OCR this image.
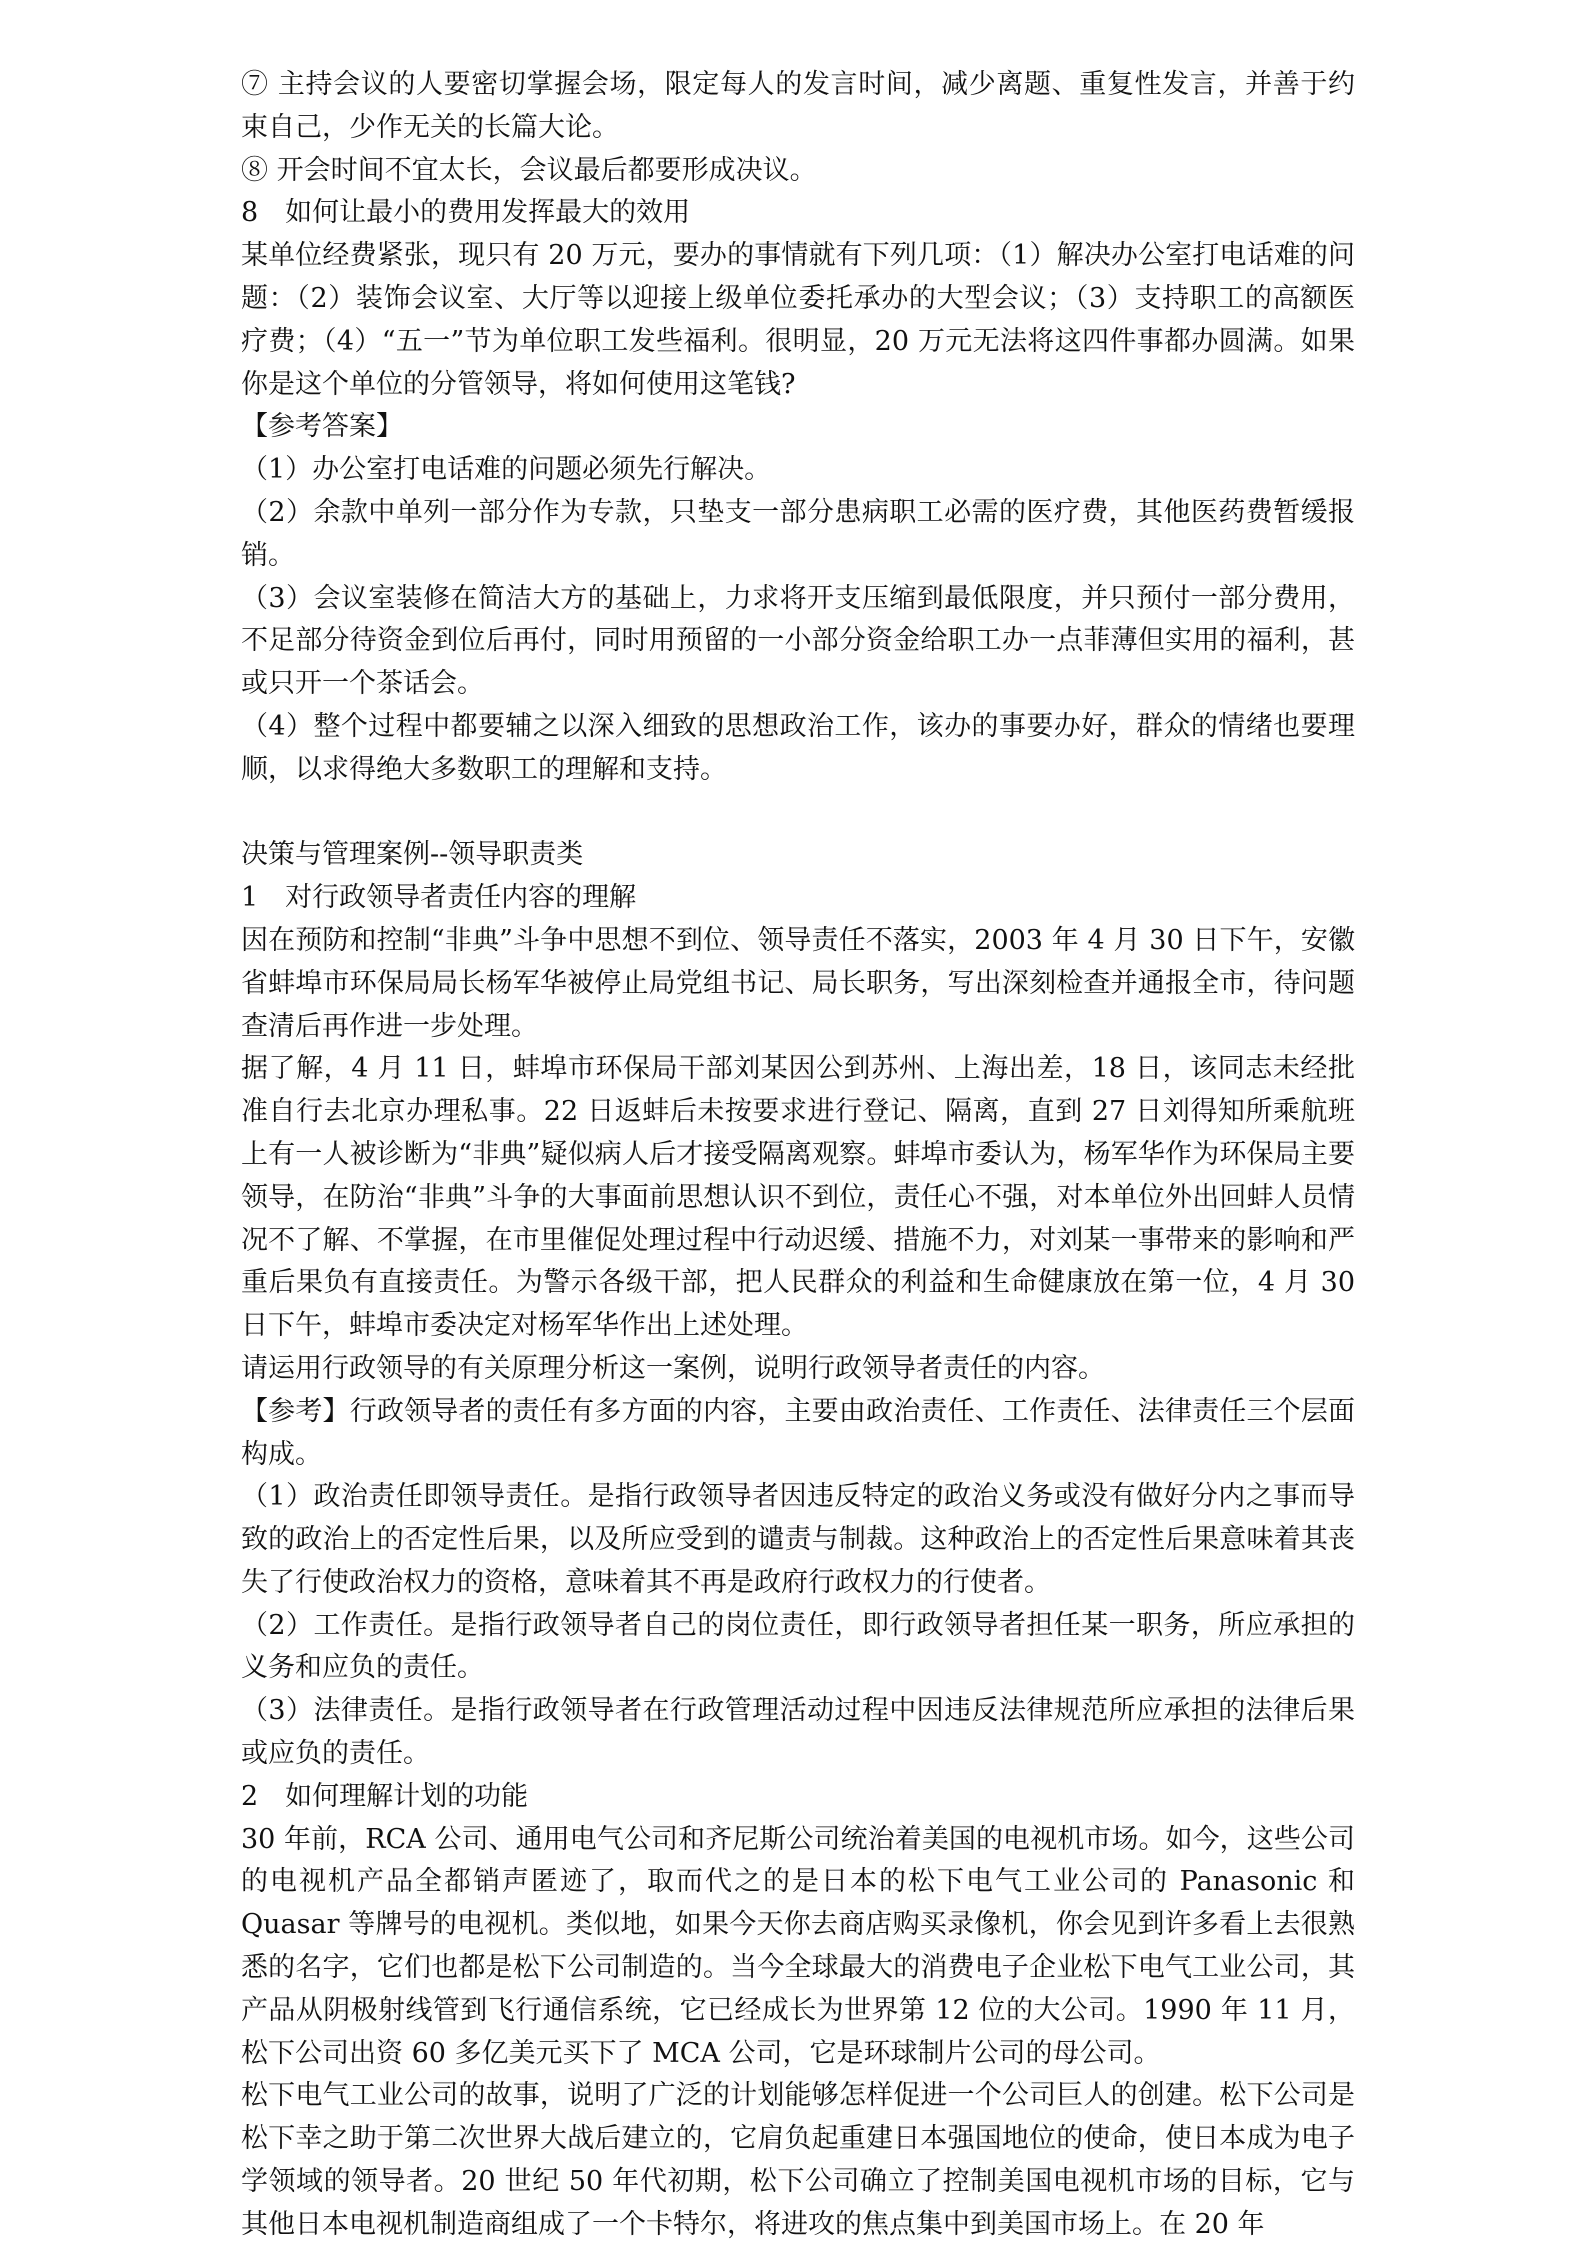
⑦ 主持会议的人要密切掌握会场，限定每人的发言时间，减少离题、重复性发言，并善于约束自己，少作无关的长篇大论。

⑧ 开会时间不宜太长，会议最后都要形成决议。

8　如何让最小的费用发挥最大的效用

某单位经费紧张，现只有 20 万元，要办的事情就有下列几项：（1）解决办公室打电话难的问题：（2）装饰会议室、大厅等以迎接上级单位委托承办的大型会议；（3）支持职工的高额医疗费；（4）“五一”节为单位职工发些福利。很明显，20 万元无法将这四件事都办圆满。如果你是这个单位的分管领导，将如何使用这笔钱?

【参考答案】

（1）办公室打电话难的问题必须先行解决。

（2）余款中单列一部分作为专款，只垫支一部分患病职工必需的医疗费，其他医药费暂缓报销。

（3）会议室装修在简洁大方的基础上，力求将开支压缩到最低限度，并只预付一部分费用，不足部分待资金到位后再付，同时用预留的一小部分资金给职工办一点菲薄但实用的福利，甚或只开一个茶话会。

（4）整个过程中都要辅之以深入细致的思想政治工作，该办的事要办好，群众的情绪也要理顺，以求得绝大多数职工的理解和支持。

决策与管理案例--领导职责类

1　对行政领导者责任内容的理解

因在预防和控制“非典”斗争中思想不到位、领导责任不落实，2003 年 4 月 30 日下午，安徽省蚌埠市环保局局长杨军华被停止局党组书记、局长职务，写出深刻检查并通报全市，待问题查清后再作进一步处理。

据了解，4 月 11 日，蚌埠市环保局干部刘某因公到苏州、上海出差，18 日，该同志未经批准自行去北京办理私事。22 日返蚌后未按要求进行登记、隔离，直到 27 日刘得知所乘航班上有一人被诊断为“非典”疑似病人后才接受隔离观察。蚌埠市委认为，杨军华作为环保局主要领导，在防治“非典”斗争的大事面前思想认识不到位，责任心不强，对本单位外出回蚌人员情况不了解、不掌握，在市里催促处理过程中行动迟缓、措施不力，对刘某一事带来的影响和严重后果负有直接责任。为警示各级干部，把人民群众的利益和生命健康放在第一位，4 月 30 日下午，蚌埠市委决定对杨军华作出上述处理。

请运用行政领导的有关原理分析这一案例，说明行政领导者责任的内容。

【参考】行政领导者的责任有多方面的内容，主要由政治责任、工作责任、法律责任三个层面构成。

（1）政治责任即领导责任。是指行政领导者因违反特定的政治义务或没有做好分内之事而导致的政治上的否定性后果，以及所应受到的谴责与制裁。这种政治上的否定性后果意味着其丧失了行使政治权力的资格，意味着其不再是政府行政权力的行使者。

（2）工作责任。是指行政领导者自己的岗位责任，即行政领导者担任某一职务，所应承担的义务和应负的责任。

（3）法律责任。是指行政领导者在行政管理活动过程中因违反法律规范所应承担的法律后果或应负的责任。

2　如何理解计划的功能

30 年前，RCA 公司、通用电气公司和齐尼斯公司统治着美国的电视机市场。如今，这些公司的电视机产品全都销声匿迹了，取而代之的是日本的松下电气工业公司的 Panasonic 和 Quasar 等牌号的电视机。类似地，如果今天你去商店购买录像机，你会见到许多看上去很熟悉的名字，它们也都是松下公司制造的。当今全球最大的消费电子企业松下电气工业公司，其产品从阴极射线管到飞行通信系统，它已经成长为世界第 12 位的大公司。1990 年 11 月，松下公司出资 60 多亿美元买下了 MCA 公司，它是环球制片公司的母公司。

松下电气工业公司的故事，说明了广泛的计划能够怎样促进一个公司巨人的创建。松下公司是松下幸之助于第二次世界大战后建立的，它肩负起重建日本强国地位的使命，使日本成为电子学领域的领导者。20 世纪 50 年代初期，松下公司确立了控制美国电视机市场的目标，它与其他日本电视机制造商组成了一个卡特尔，将进攻的焦点集中到美国市场上。在 20 年
